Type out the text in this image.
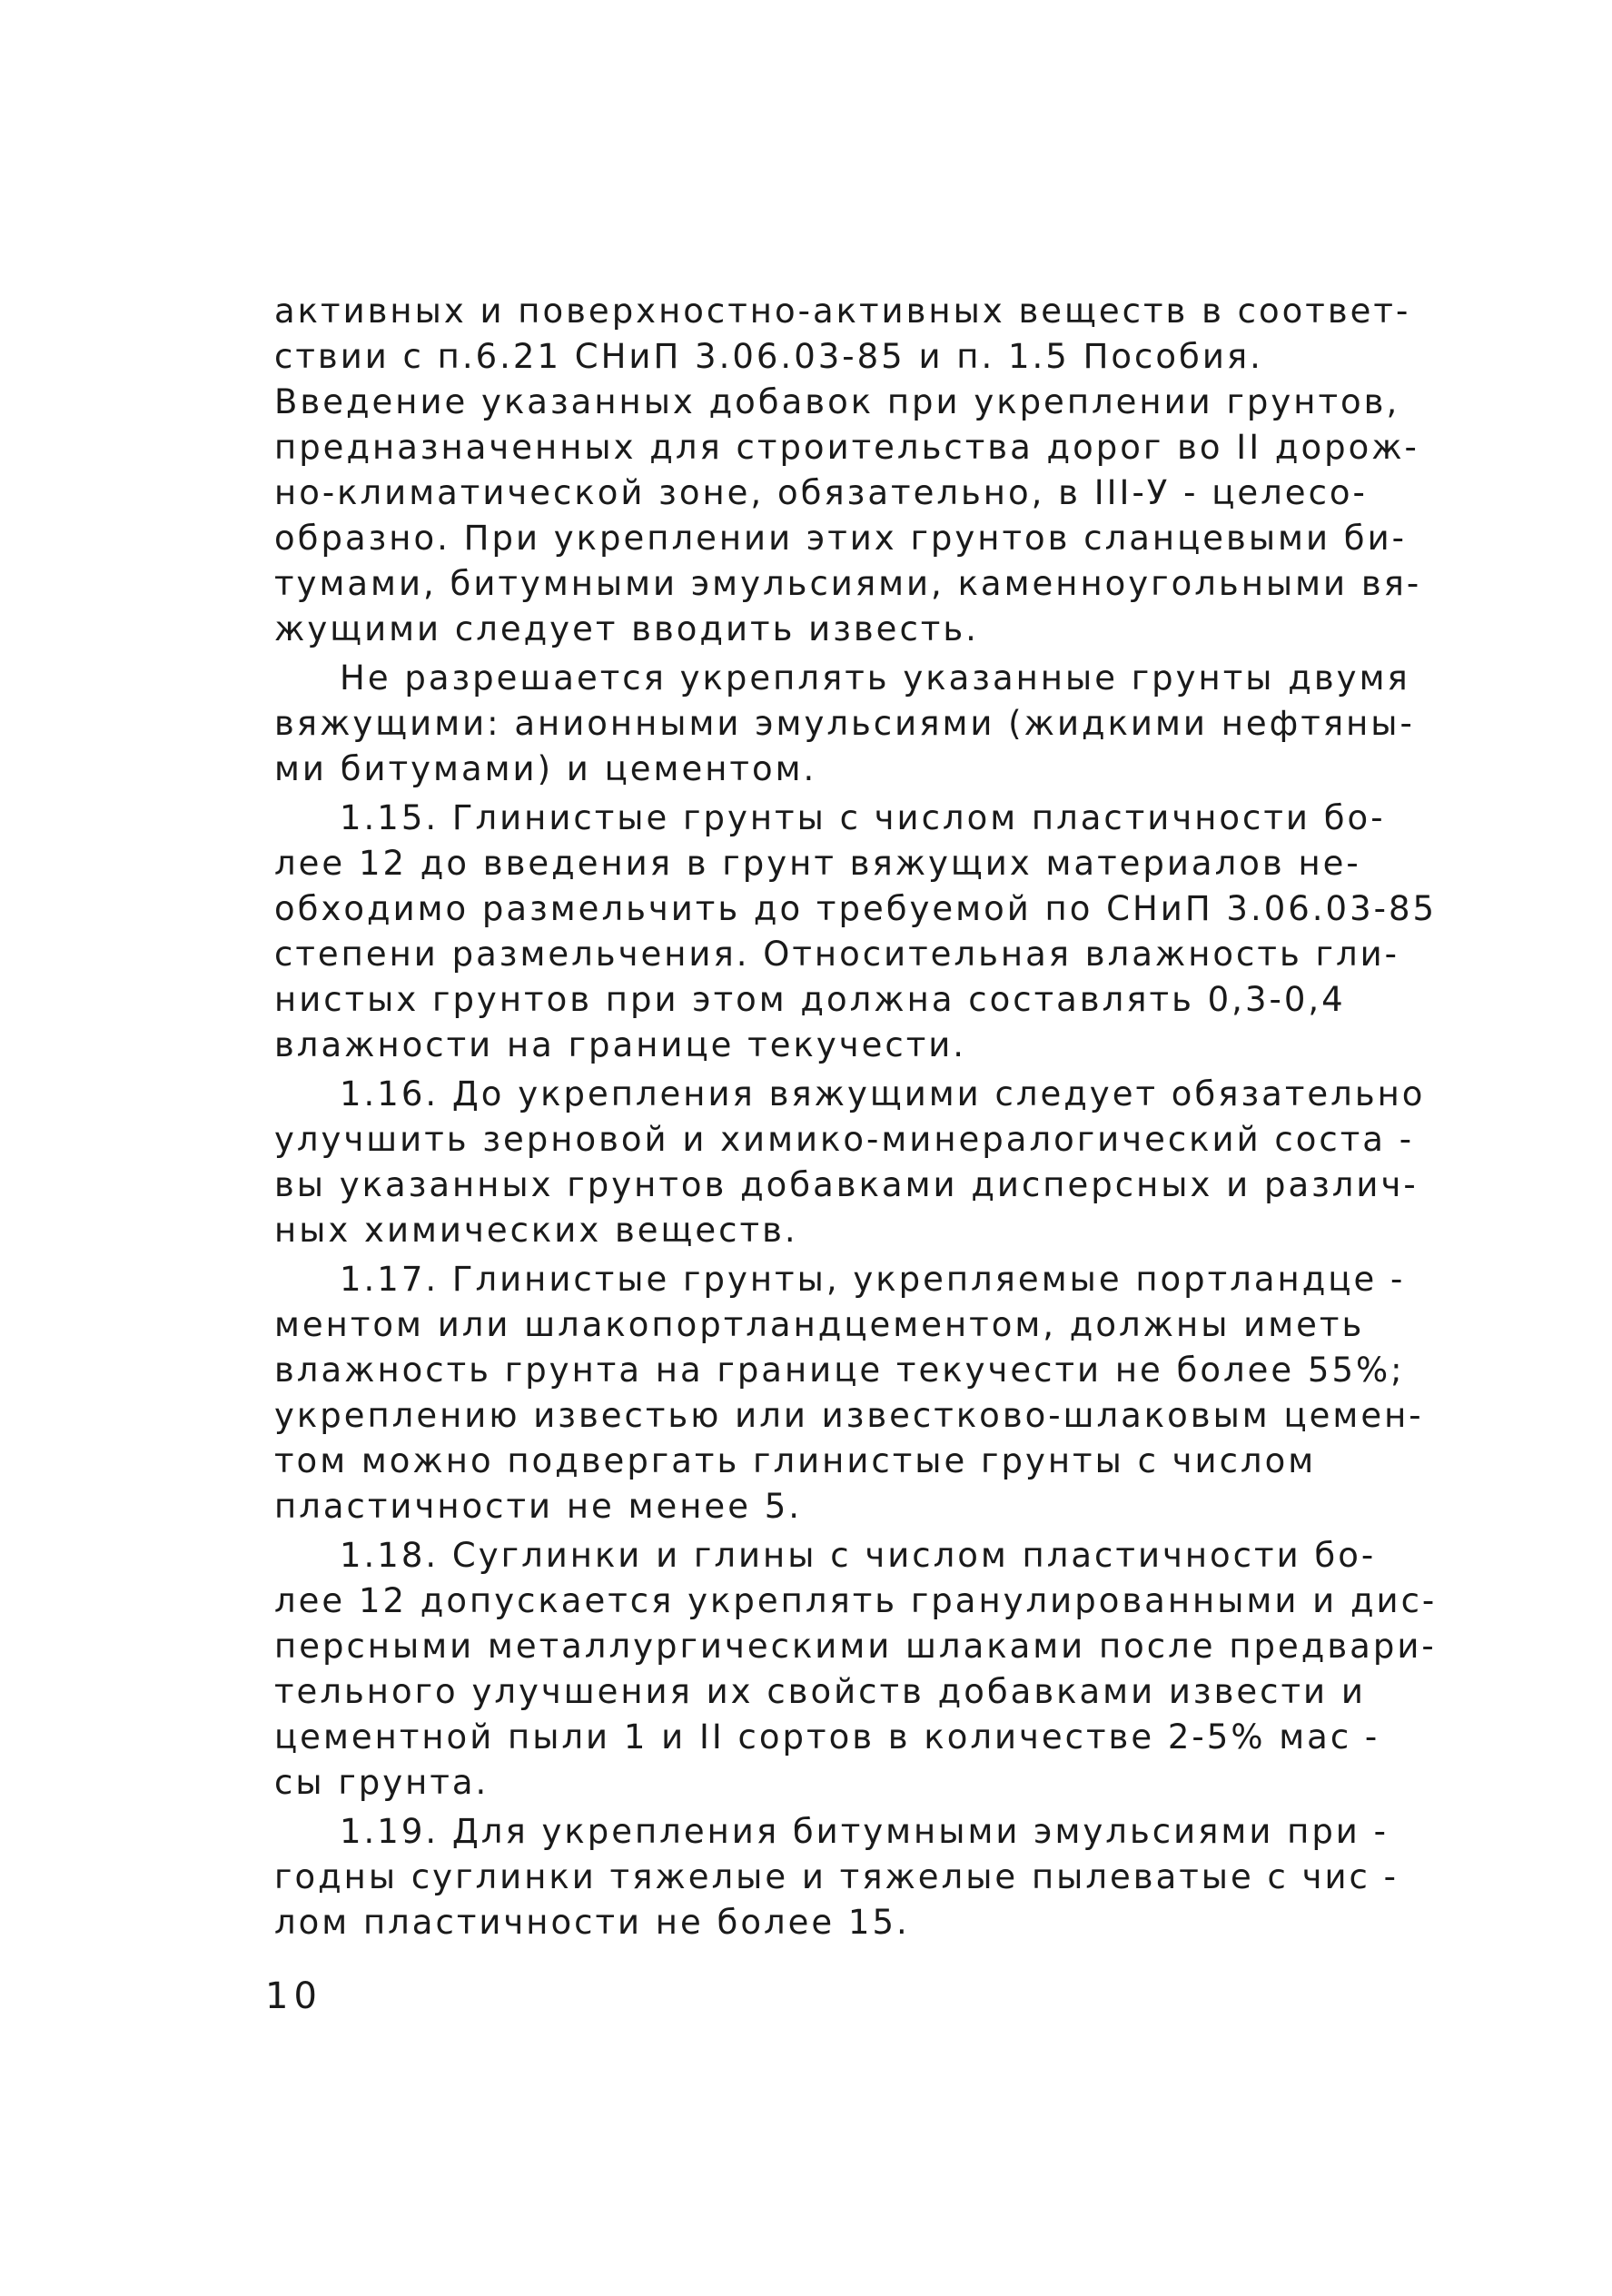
активных и поверхностно-активных веществ в соответ-
ствии с п.6.21 СНиП 3.06.03-85 и п. 1.5 Пособия.
Введение указанных добавок при укреплении грунтов,
предназначенных для строительства дорог во II дорож-
но-климатической зоне, обязательно, в III-У - целесо-
образно. При укреплении этих грунтов сланцевыми би-
тумами, битумными эмульсиями, каменноугольными вя-
жущими следует вводить известь.
Не разрешается укреплять указанные грунты двумя
вяжущими: анионными эмульсиями (жидкими нефтяны-
ми битумами) и цементом.
1.15. Глинистые грунты с числом пластичности бо-
лее 12 до введения в грунт вяжущих материалов не-
обходимо размельчить до требуемой по СНиП 3.06.03-85
степени размельчения. Относительная влажность гли-
нистых грунтов при этом должна составлять 0,3-0,4
влажности на границе текучести.
1.16. До укрепления вяжущими следует обязательно
улучшить зерновой и химико-минералогический соста -
вы указанных грунтов добавками дисперсных и различ-
ных химических веществ.
1.17. Глинистые грунты, укрепляемые портландце -
ментом или шлакопортландцементом, должны иметь
влажность грунта на границе текучести не более 55%;
укреплению известью или известково-шлаковым цемен-
том можно подвергать глинистые грунты с числом
пластичности не менее 5.
1.18. Суглинки и глины с числом пластичности бо-
лее 12 допускается укреплять гранулированными и дис-
персными металлургическими шлаками после предвари-
тельного улучшения их свойств добавками извести и
цементной пыли 1 и II сортов в количестве 2-5% мас -
сы грунта.
1.19. Для укрепления битумными эмульсиями при -
годны суглинки тяжелые и тяжелые пылеватые с чис -
лом пластичности не более 15.
10
